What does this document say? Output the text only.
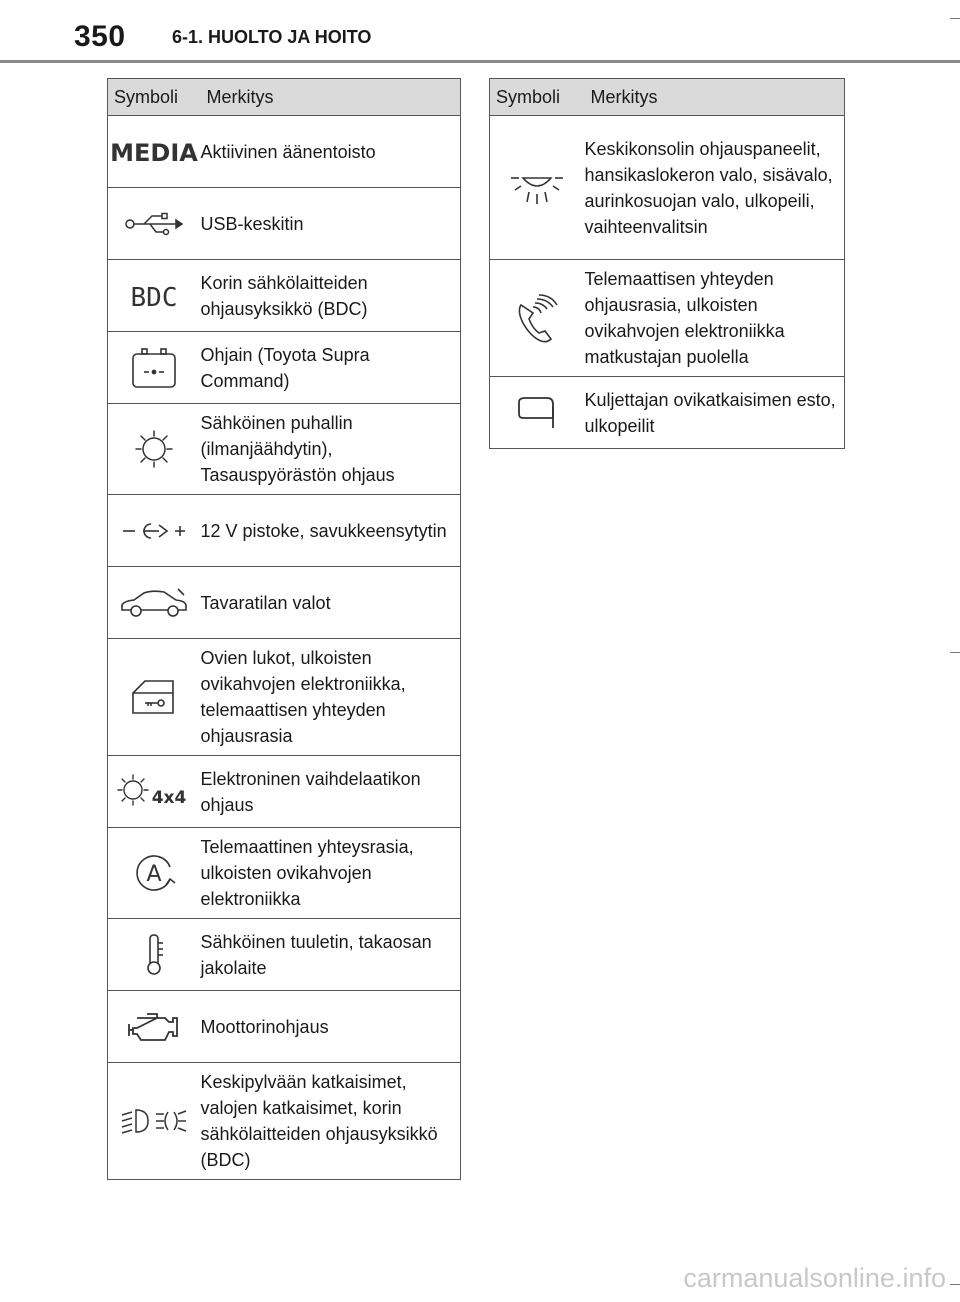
350	6-1. HUOLTO JA HOITO
Symboli	Merkitys

MEDIA	Aktiivinen äänentoisto

	USB-keskitin

BDC	Korin sähkölaitteiden ohjausyksikkö (BDC)

	Ohjain (Toyota Supra Command)

	Sähköinen puhallin (ilmanjäähdytin), Tasauspyörästön ohjaus

	12 V pistoke, savukkeensytytin

	Tavaratilan valot

	Ovien lukot, ulkoisten ovikahvojen elektroniikka, telemaattisen yhteyden ohjausrasia

4x4	Elektroninen vaihdelaatikon ohjaus

A	Telemaattinen yhteysrasia, ulkoisten ovikahvojen elektroniikka

	Sähköinen tuuletin, takaosan jakolaite

	Moottorinohjaus

	Keskipylvään katkaisimet, valojen katkaisimet, korin sähkölaitteiden ohjausyksikkö (BDC)
Symboli	Merkitys

	Keskikonsolin ohjauspaneelit, hansikaslokeron valo, sisävalo, aurinkosuojan valo, ulkopeili, vaihteenvalitsin

	Telemaattisen yhteyden ohjausrasia, ulkoisten ovikahvojen elektroniikka matkustajan puolella

	Kuljettajan ovikatkaisimen esto, ulkopeilit
carmanualsonline.info
